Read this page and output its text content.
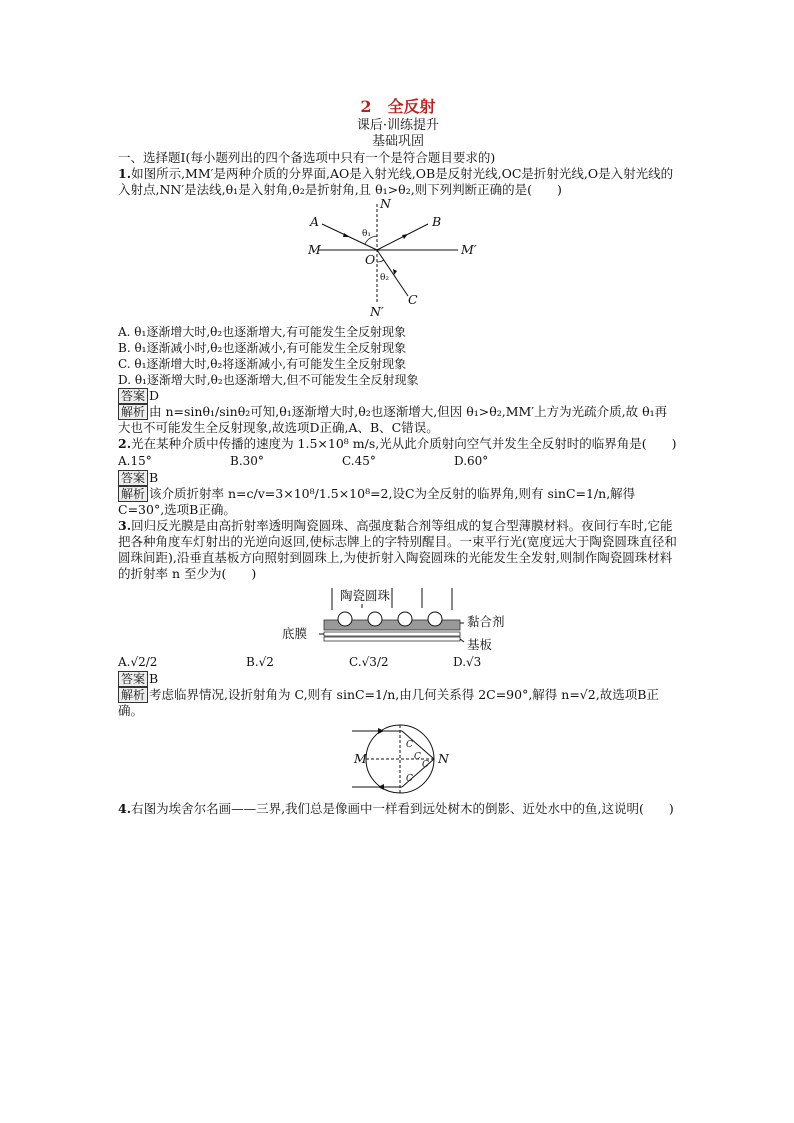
2　全反射
课后·训练提升
基础巩固

一、选择题Ⅰ(每小题列出的四个备选项中只有一个是符合题目要求的)

1.如图所示,MM′是两种介质的分界面,AO是入射光线,OB是反射光线,OC是折射光线,O是入射光线的入射点,NN′是法线,θ₁是入射角,θ₂是折射角,且 θ₁>θ₂,则下列判断正确的是(　　)

N
A	B
M
O
M′
C
N′
θ₁
θ₂

A. θ₁逐渐增大时,θ₂也逐渐增大,有可能发生全反射现象

B. θ₁逐渐减小时,θ₂也逐渐减小,有可能发生全反射现象

C. θ₁逐渐增大时,θ₂将逐渐减小,有可能发生全反射现象

D. θ₁逐渐增大时,θ₂也逐渐增大,但不可能发生全反射现象

答案 D

解析 由 n=sinθ₁/sinθ₂可知,θ₁逐渐增大时,θ₂也逐渐增大,但因 θ₁>θ₂,MM′上方为光疏介质,故 θ₁再大也不可能发生全反射现象,故选项D正确,A、B、C错误。

2.光在某种介质中传播的速度为 1.5×10⁸ m/s,光从此介质射向空气并发生全反射时的临界角是(　　)

A.15°	B.30°	C.45°	D.60°

答案 B

解析 该介质折射率 n=c/v=3×10⁸/1.5×10⁸=2,设C为全反射的临界角,则有 sinC=1/n,解得 C=30°,选项B正确。

3.回归反光膜是由高折射率透明陶瓷圆珠、高强度黏合剂等组成的复合型薄膜材料。夜间行车时,它能把各种角度车灯射出的光逆向返回,使标志牌上的字特别醒目。一束平行光(宽度远大于陶瓷圆珠直径和圆珠间距),沿垂直基板方向照射到圆珠上,为使折射入陶瓷圆珠的光能发生全发射,则制作陶瓷圆珠材料的折射率 n 至少为(　　)

陶瓷圆珠
黏合剂
底膜
基板
A.√2/2	B.√2	C.√3/2	D.√3

答案 B

解析 考虑临界情况,设折射角为 C,则有 sinC=1/n,由几何关系得 2C=90°,解得 n=√2,故选项B正确。

M	N
C
C
C
C

4.右图为埃舍尔名画——三界,我们总是像画中一样看到远处树木的倒影、近处水中的鱼,这说明(　　)
